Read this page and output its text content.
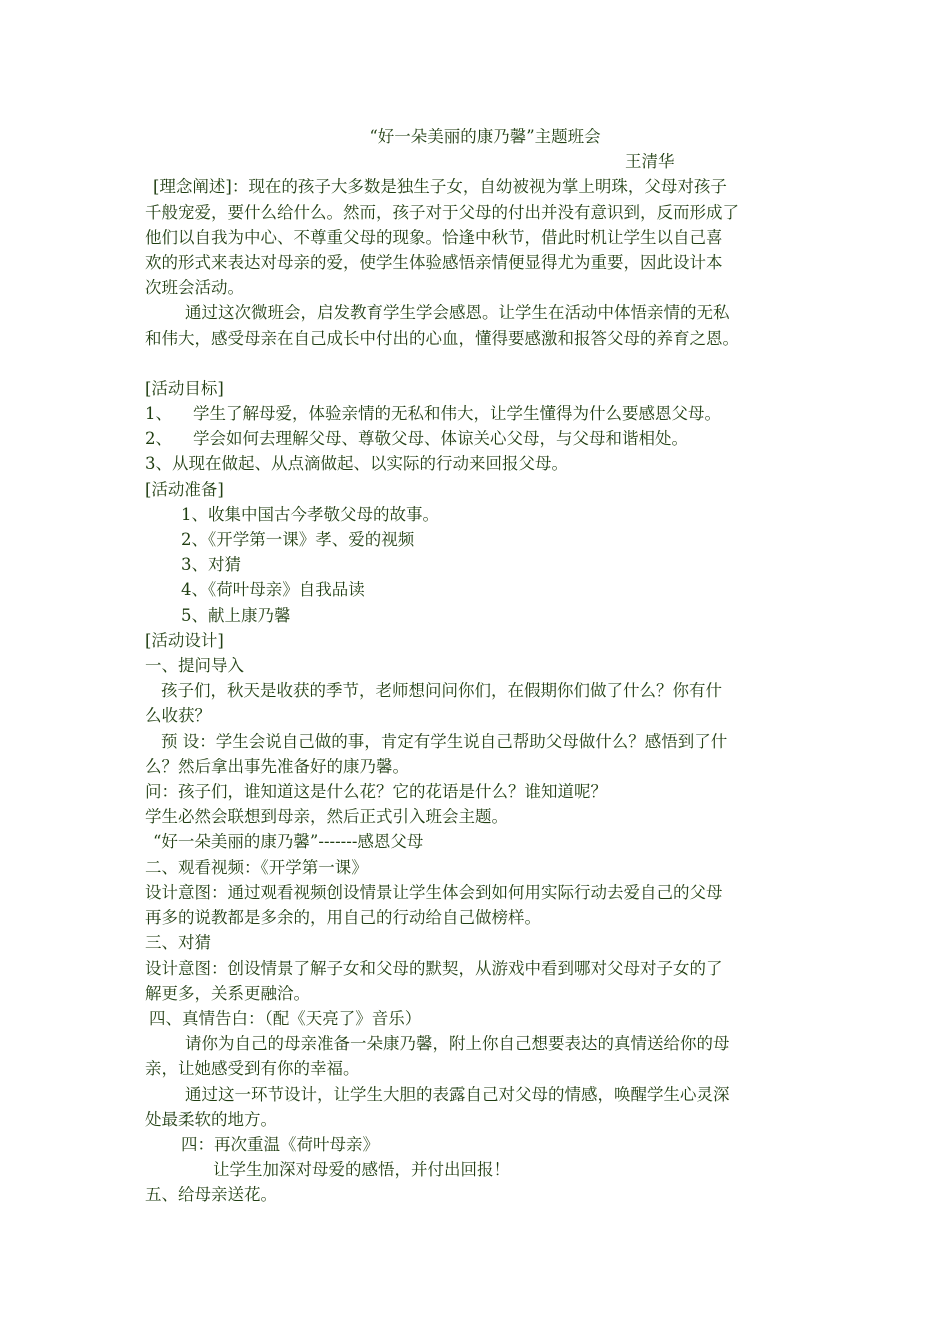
“好一朵美丽的康乃馨”主题班会
王清华
[理念阐述]：现在的孩子大多数是独生子女，自幼被视为掌上明珠，父母对孩子
千般宠爱，要什么给什么。然而，孩子对于父母的付出并没有意识到，反而形成了
他们以自我为中心、不尊重父母的现象。恰逢中秋节，借此时机让学生以自己喜
欢的形式来表达对母亲的爱，使学生体验感悟亲情便显得尤为重要，因此设计本
次班会活动。
通过这次微班会，启发教育学生学会感恩。让学生在活动中体悟亲情的无私
和伟大，感受母亲在自己成长中付出的心血，懂得要感激和报答父母的养育之恩。
[活动目标]
1、    学生了解母爱，体验亲情的无私和伟大，让学生懂得为什么要感恩父母。
2、    学会如何去理解父母、尊敬父母、体谅关心父母，与父母和谐相处。
3、从现在做起、从点滴做起、以实际的行动来回报父母。
[活动准备]
1、收集中国古今孝敬父母的故事。
2、《开学第一课》孝、爱的视频
3、对猜
4、《荷叶母亲》自我品读
5、献上康乃馨
[活动设计]
一、提问导入
孩子们，秋天是收获的季节，老师想问问你们，在假期你们做了什么？你有什
么收获？
预 设：学生会说自己做的事，肯定有学生说自己帮助父母做什么？感悟到了什
么？然后拿出事先准备好的康乃馨。
问：孩子们，谁知道这是什么花？它的花语是什么？谁知道呢？
学生必然会联想到母亲，然后正式引入班会主题。
“好一朵美丽的康乃馨”-------感恩父母
二、观看视频：《开学第一课》
设计意图：通过观看视频创设情景让学生体会到如何用实际行动去爱自己的父母
再多的说教都是多余的，用自己的行动给自己做榜样。
三、对猜
设计意图：创设情景了解子女和父母的默契，从游戏中看到哪对父母对子女的了
解更多，关系更融洽。
四、真情告白：（配《天亮了》音乐）
请你为自己的母亲准备一朵康乃馨，附上你自己想要表达的真情送给你的母
亲，让她感受到有你的幸福。
通过这一环节设计，让学生大胆的表露自己对父母的情感，唤醒学生心灵深
处最柔软的地方。
四：再次重温《荷叶母亲》
让学生加深对母爱的感悟，并付出回报！
五、给母亲送花。
